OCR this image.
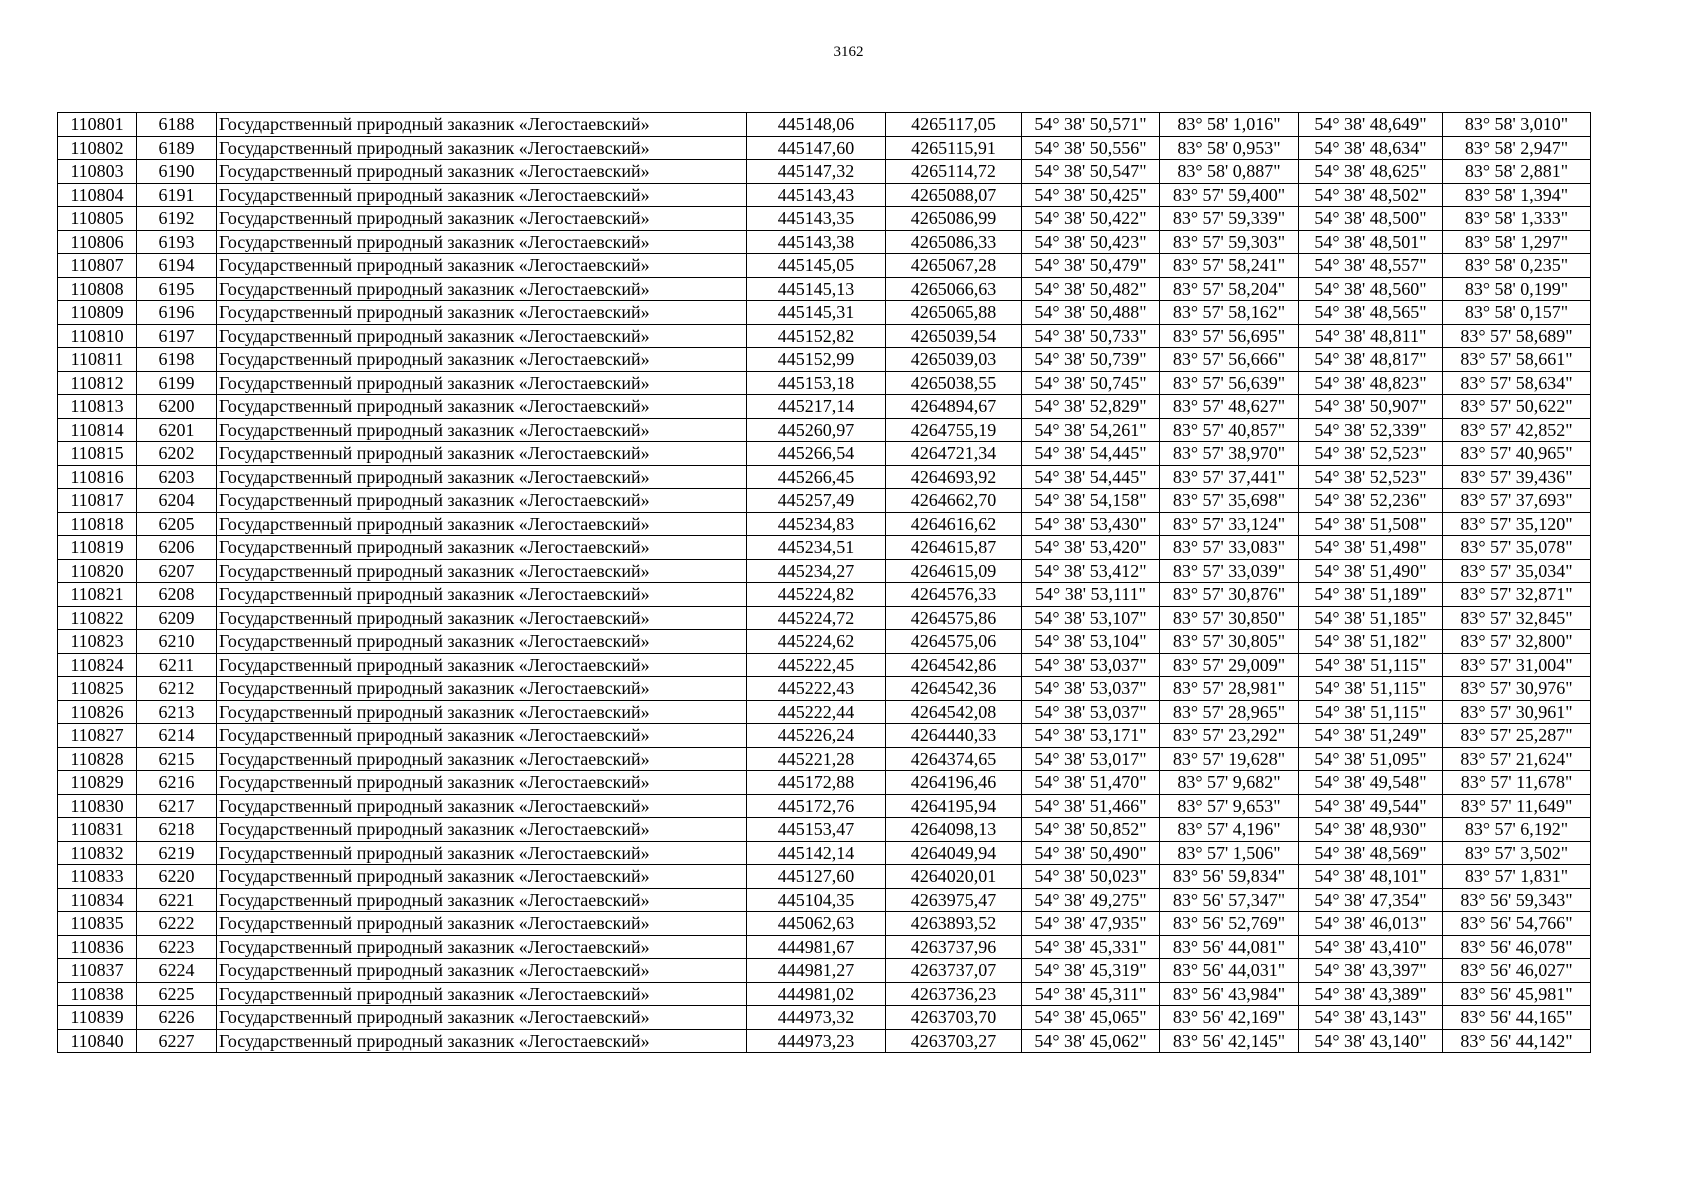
3162
110801	6188	Государственный природный заказник «Легостаевский»	445148,06	4265117,05	54° 38' 50,571"	83° 58' 1,016"	54° 38' 48,649"	83° 58' 3,010"
110802	6189	Государственный природный заказник «Легостаевский»	445147,60	4265115,91	54° 38' 50,556"	83° 58' 0,953"	54° 38' 48,634"	83° 58' 2,947"
110803	6190	Государственный природный заказник «Легостаевский»	445147,32	4265114,72	54° 38' 50,547"	83° 58' 0,887"	54° 38' 48,625"	83° 58' 2,881"
110804	6191	Государственный природный заказник «Легостаевский»	445143,43	4265088,07	54° 38' 50,425"	83° 57' 59,400"	54° 38' 48,502"	83° 58' 1,394"
110805	6192	Государственный природный заказник «Легостаевский»	445143,35	4265086,99	54° 38' 50,422"	83° 57' 59,339"	54° 38' 48,500"	83° 58' 1,333"
110806	6193	Государственный природный заказник «Легостаевский»	445143,38	4265086,33	54° 38' 50,423"	83° 57' 59,303"	54° 38' 48,501"	83° 58' 1,297"
110807	6194	Государственный природный заказник «Легостаевский»	445145,05	4265067,28	54° 38' 50,479"	83° 57' 58,241"	54° 38' 48,557"	83° 58' 0,235"
110808	6195	Государственный природный заказник «Легостаевский»	445145,13	4265066,63	54° 38' 50,482"	83° 57' 58,204"	54° 38' 48,560"	83° 58' 0,199"
110809	6196	Государственный природный заказник «Легостаевский»	445145,31	4265065,88	54° 38' 50,488"	83° 57' 58,162"	54° 38' 48,565"	83° 58' 0,157"
110810	6197	Государственный природный заказник «Легостаевский»	445152,82	4265039,54	54° 38' 50,733"	83° 57' 56,695"	54° 38' 48,811"	83° 57' 58,689"
110811	6198	Государственный природный заказник «Легостаевский»	445152,99	4265039,03	54° 38' 50,739"	83° 57' 56,666"	54° 38' 48,817"	83° 57' 58,661"
110812	6199	Государственный природный заказник «Легостаевский»	445153,18	4265038,55	54° 38' 50,745"	83° 57' 56,639"	54° 38' 48,823"	83° 57' 58,634"
110813	6200	Государственный природный заказник «Легостаевский»	445217,14	4264894,67	54° 38' 52,829"	83° 57' 48,627"	54° 38' 50,907"	83° 57' 50,622"
110814	6201	Государственный природный заказник «Легостаевский»	445260,97	4264755,19	54° 38' 54,261"	83° 57' 40,857"	54° 38' 52,339"	83° 57' 42,852"
110815	6202	Государственный природный заказник «Легостаевский»	445266,54	4264721,34	54° 38' 54,445"	83° 57' 38,970"	54° 38' 52,523"	83° 57' 40,965"
110816	6203	Государственный природный заказник «Легостаевский»	445266,45	4264693,92	54° 38' 54,445"	83° 57' 37,441"	54° 38' 52,523"	83° 57' 39,436"
110817	6204	Государственный природный заказник «Легостаевский»	445257,49	4264662,70	54° 38' 54,158"	83° 57' 35,698"	54° 38' 52,236"	83° 57' 37,693"
110818	6205	Государственный природный заказник «Легостаевский»	445234,83	4264616,62	54° 38' 53,430"	83° 57' 33,124"	54° 38' 51,508"	83° 57' 35,120"
110819	6206	Государственный природный заказник «Легостаевский»	445234,51	4264615,87	54° 38' 53,420"	83° 57' 33,083"	54° 38' 51,498"	83° 57' 35,078"
110820	6207	Государственный природный заказник «Легостаевский»	445234,27	4264615,09	54° 38' 53,412"	83° 57' 33,039"	54° 38' 51,490"	83° 57' 35,034"
110821	6208	Государственный природный заказник «Легостаевский»	445224,82	4264576,33	54° 38' 53,111"	83° 57' 30,876"	54° 38' 51,189"	83° 57' 32,871"
110822	6209	Государственный природный заказник «Легостаевский»	445224,72	4264575,86	54° 38' 53,107"	83° 57' 30,850"	54° 38' 51,185"	83° 57' 32,845"
110823	6210	Государственный природный заказник «Легостаевский»	445224,62	4264575,06	54° 38' 53,104"	83° 57' 30,805"	54° 38' 51,182"	83° 57' 32,800"
110824	6211	Государственный природный заказник «Легостаевский»	445222,45	4264542,86	54° 38' 53,037"	83° 57' 29,009"	54° 38' 51,115"	83° 57' 31,004"
110825	6212	Государственный природный заказник «Легостаевский»	445222,43	4264542,36	54° 38' 53,037"	83° 57' 28,981"	54° 38' 51,115"	83° 57' 30,976"
110826	6213	Государственный природный заказник «Легостаевский»	445222,44	4264542,08	54° 38' 53,037"	83° 57' 28,965"	54° 38' 51,115"	83° 57' 30,961"
110827	6214	Государственный природный заказник «Легостаевский»	445226,24	4264440,33	54° 38' 53,171"	83° 57' 23,292"	54° 38' 51,249"	83° 57' 25,287"
110828	6215	Государственный природный заказник «Легостаевский»	445221,28	4264374,65	54° 38' 53,017"	83° 57' 19,628"	54° 38' 51,095"	83° 57' 21,624"
110829	6216	Государственный природный заказник «Легостаевский»	445172,88	4264196,46	54° 38' 51,470"	83° 57' 9,682"	54° 38' 49,548"	83° 57' 11,678"
110830	6217	Государственный природный заказник «Легостаевский»	445172,76	4264195,94	54° 38' 51,466"	83° 57' 9,653"	54° 38' 49,544"	83° 57' 11,649"
110831	6218	Государственный природный заказник «Легостаевский»	445153,47	4264098,13	54° 38' 50,852"	83° 57' 4,196"	54° 38' 48,930"	83° 57' 6,192"
110832	6219	Государственный природный заказник «Легостаевский»	445142,14	4264049,94	54° 38' 50,490"	83° 57' 1,506"	54° 38' 48,569"	83° 57' 3,502"
110833	6220	Государственный природный заказник «Легостаевский»	445127,60	4264020,01	54° 38' 50,023"	83° 56' 59,834"	54° 38' 48,101"	83° 57' 1,831"
110834	6221	Государственный природный заказник «Легостаевский»	445104,35	4263975,47	54° 38' 49,275"	83° 56' 57,347"	54° 38' 47,354"	83° 56' 59,343"
110835	6222	Государственный природный заказник «Легостаевский»	445062,63	4263893,52	54° 38' 47,935"	83° 56' 52,769"	54° 38' 46,013"	83° 56' 54,766"
110836	6223	Государственный природный заказник «Легостаевский»	444981,67	4263737,96	54° 38' 45,331"	83° 56' 44,081"	54° 38' 43,410"	83° 56' 46,078"
110837	6224	Государственный природный заказник «Легостаевский»	444981,27	4263737,07	54° 38' 45,319"	83° 56' 44,031"	54° 38' 43,397"	83° 56' 46,027"
110838	6225	Государственный природный заказник «Легостаевский»	444981,02	4263736,23	54° 38' 45,311"	83° 56' 43,984"	54° 38' 43,389"	83° 56' 45,981"
110839	6226	Государственный природный заказник «Легостаевский»	444973,32	4263703,70	54° 38' 45,065"	83° 56' 42,169"	54° 38' 43,143"	83° 56' 44,165"
110840	6227	Государственный природный заказник «Легостаевский»	444973,23	4263703,27	54° 38' 45,062"	83° 56' 42,145"	54° 38' 43,140"	83° 56' 44,142"
